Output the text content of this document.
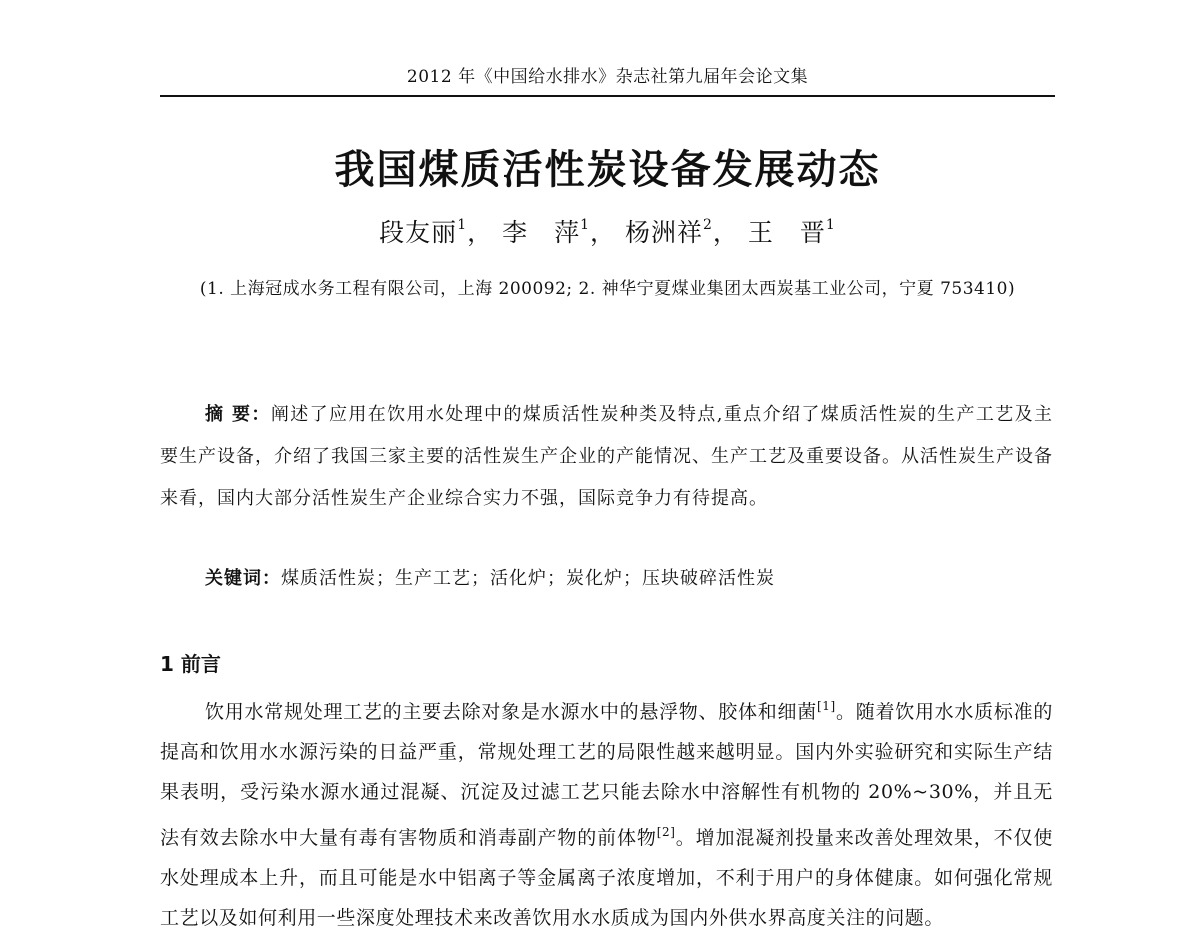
2012 年《中国给水排水》杂志社第九届年会论文集
我国煤质活性炭设备发展动态
段友丽$^1$， 李　萍$^1$， 杨洲祥$^2$， 王　晋$^1$
(1. 上海冠成水务工程有限公司，上海 200092; 2. 神华宁夏煤业集团太西炭基工业公司，宁夏 753410)
摘 要：阐述了应用在饮用水处理中的煤质活性炭种类及特点,重点介绍了煤质活性炭的生产工艺及主要生产设备，介绍了我国三家主要的活性炭生产企业的产能情况、生产工艺及重要设备。从活性炭生产设备来看，国内大部分活性炭生产企业综合实力不强，国际竞争力有待提高。
关键词：煤质活性炭；生产工艺；活化炉；炭化炉；压块破碎活性炭
1 前言
饮用水常规处理工艺的主要去除对象是水源水中的悬浮物、胶体和细菌[1]。随着饮用水水质标准的提高和饮用水水源污染的日益严重，常规处理工艺的局限性越来越明显。国内外实验研究和实际生产结果表明，受污染水源水通过混凝、沉淀及过滤工艺只能去除水中溶解性有机物的 20%~30%，并且无法有效去除水中大量有毒有害物质和消毒副产物的前体物[2]。增加混凝剂投量来改善处理效果，不仅使水处理成本上升，而且可能是水中铝离子等金属离子浓度增加，不利于用户的身体健康。如何强化常规工艺以及如何利用一些深度处理技术来改善饮用水水质成为国内外供水界高度关注的问题。
